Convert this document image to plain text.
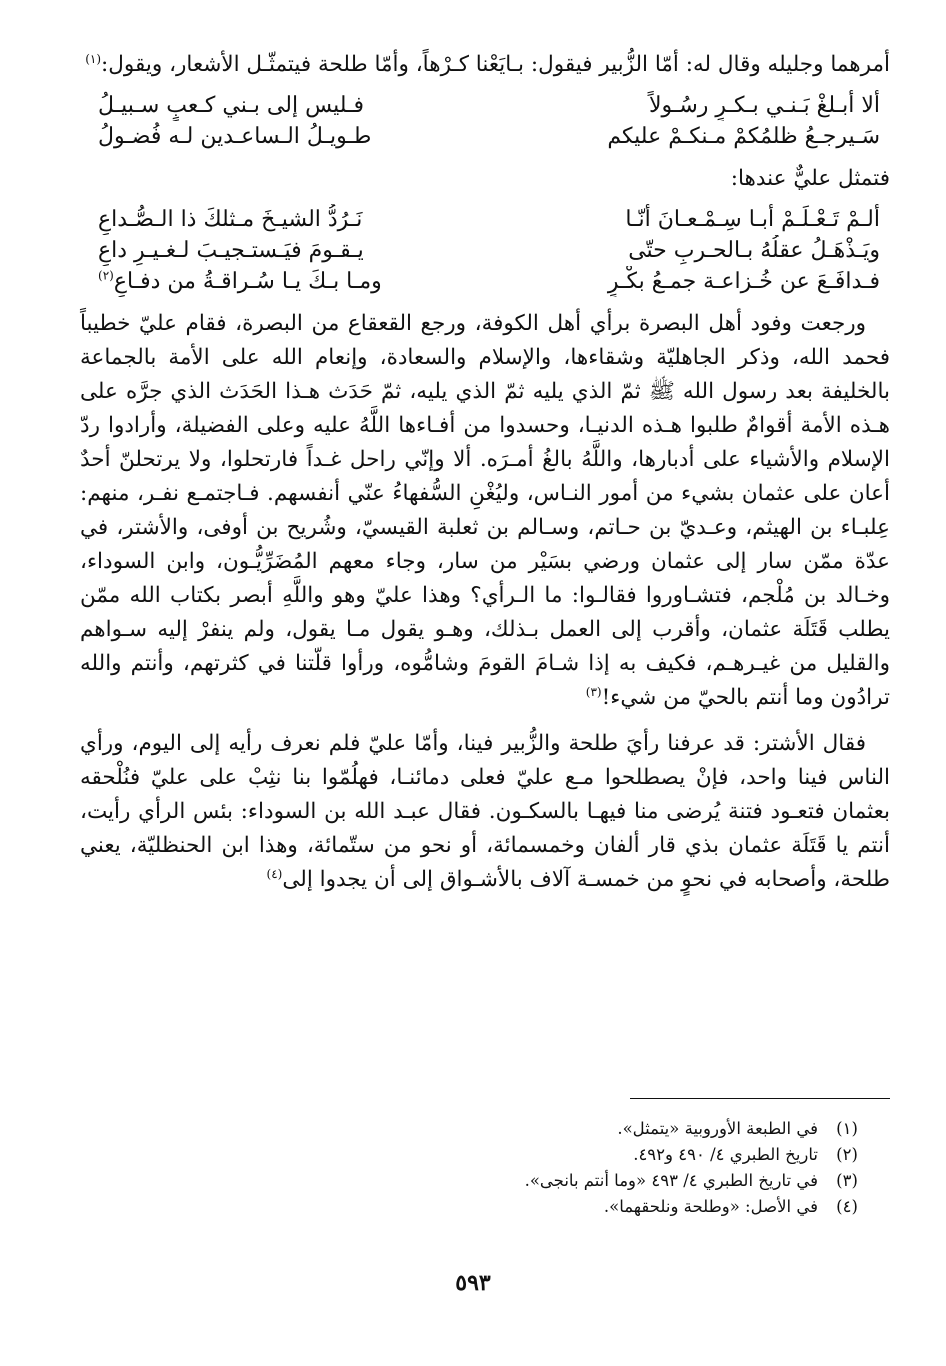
أمرهما وجليله وقال له: أمّا الزُّبير فيقول: بـايَعْنا كـرْهاً، وأمّا طلحة فيتمثّـل الأشعار، ويقول:$^{(١)}$

ألا أبـلغْ بَـنـي بـكـرٍ رسُـولاً
فـليس إلى بـني كـعبٍ سـبيـلُ
سَـيرجـعُ ظلمُكمْ مـنكـمْ عليكم
طـويـلُ الـساعـدين لـه فُضـولُ

فتمثل عليٌّ عندها:

ألـمْ تَـعْـلَـمْ أبـا سِـمْـعـانَ أنّـا
نَـرُدُّ الشيـخَ مـثلكَ ذا الـصُّـداعِ
ويَـذْهَـلُ عقلُهُ بـالحـربِ حتّى
يـقـومَ فيَـستـجيـبَ لـغـيـرِ داعِ
فـدافَـعَ عن خُـزاعـة جمـعُ بكْـرٍ
ومـا بـكَ يـا سُـراقـةُ من دفـاعِ$^{(٢)}$

ورجعت وفود أهل البصرة برأي أهل الكوفة، ورجع القعقاع من البصرة، فقام عليّ خطيباً فحمد الله، وذكر الجاهليّة وشقاءها، والإسلام والسعادة، وإنعام الله على الأمة بالجماعة بالخليفة بعد رسول الله ﷺ ثمّ الذي يليه ثمّ الذي يليه، ثمّ حَدَث هـذا الحَدَث الذي جرَّه على هـذه الأمة أقوامٌ طلبوا هـذه الدنيـا، وحسدوا من أفـاءها اللَّهُ عليه وعلى الفضيلة، وأرادوا ردّ الإسلام والأشياء على أدبارها، واللَّهُ بالغُ أمـرَه. ألا وإنّي راحل غـداً فارتحلوا، ولا يرتحلنّ أحدٌ أعان على عثمان بشيء من أمور النـاس، وليُغْنِ السُّفهاءُ عنّي أنفسهم. فـاجتمـع نفـر، منهم: عِلبـاء بن الهيثم، وعـديّ بن حـاتم، وسـالم بن ثعلبة القيسيّ، وشُريح بن أوفى، والأشتر، في عدّة ممّن سار إلى عثمان ورضي بسَيْر من سار، وجاء معهم المُضَرِّيُّـون، وابن السوداء، وخـالد بن مُلْجم، فتشـاوروا فقالـوا: ما الـرأي؟ وهذا عليّ وهو واللَّهِ أبصر بكتاب الله ممّن يطلب قَتَلَة عثمان، وأقرب إلى العمل بـذلك، وهـو يقول مـا يقول، ولم ينفرْ إليه سـواهم والقليل من غيـرهـم، فكيف به إذا شـامَ القومَ وشامُّوه، ورأوا قلّتنا في كثرتهم، وأنتم والله ترادُون وما أنتم بالحيّ من شيء!$^{(٣)}$

فقال الأشتر: قد عرفنا رأيَ طلحة والزُّبير فينا، وأمّا عليّ فلم نعرف رأيه إلى اليوم، ورأي الناس فينا واحد، فإنْ يصطلحوا مـع عليّ فعلى دمائنـا، فهلُمّوا بنا نثِبْ على عليّ فنُلْحقه بعثمان فتعـود فتنة يُرضى منا فيهـا بالسكـون. فقال عبـد الله بن السوداء: بئس الرأي رأيت، أنتم يا قَتَلَة عثمان بذي قار ألفان وخمسمائة، أو نحو من ستّمائة، وهذا ابن الحنظليّة، يعني طلحة، وأصحابه في نحوٍ من خمسـة آلاف بالأشـواق إلى أن يجدوا إلى$^{(٤)}$

(١)
في الطبعة الأوروبية «يتمثل».
(٢)
تاريخ الطبري ٤/ ٤٩٠ و٤٩٢.
(٣)
في تاريخ الطبري ٤/ ٤٩٣ «وما أنتم بانجى».
(٤)
في الأصل: «وطلحة ونلحقهما».
٥٩٣
